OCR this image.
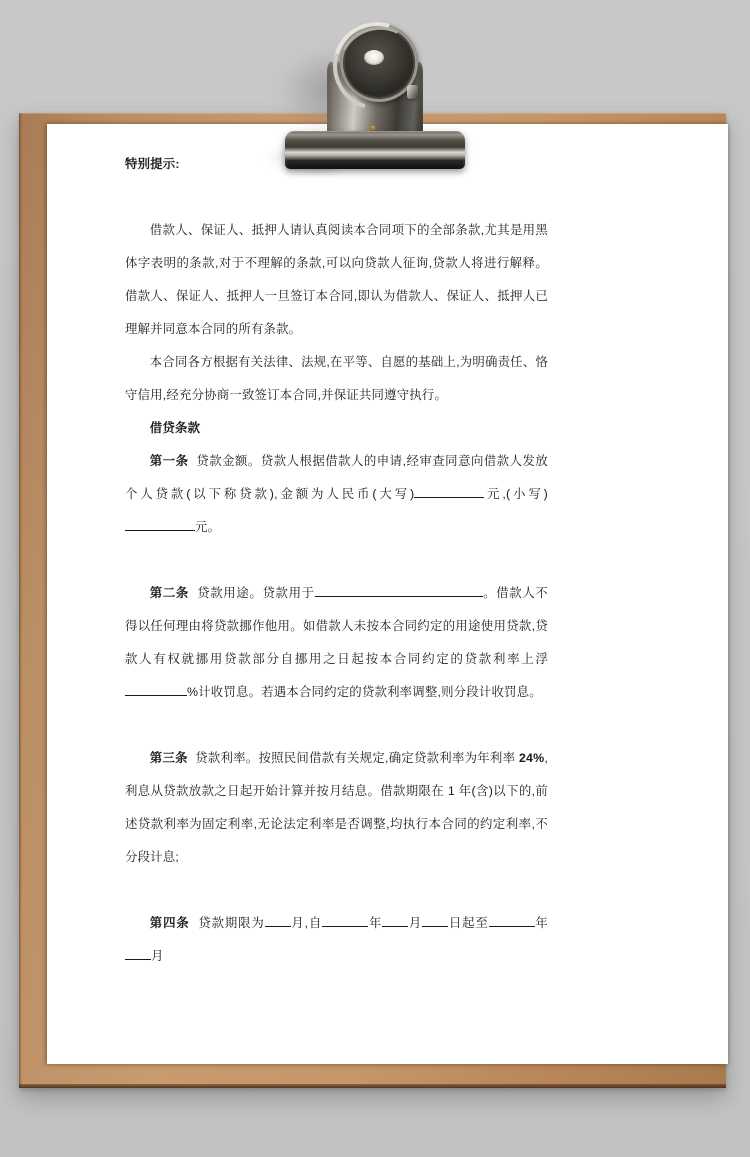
特别提示:

借款人、保证人、抵押人请认真阅读本合同项下的全部条款,尤其是用黑体字表明的条款,对于不理解的条款,可以向贷款人征询,贷款人将进行解释。借款人、保证人、抵押人一旦签订本合同,即认为借款人、保证人、抵押人已理解并同意本合同的所有条款。

本合同各方根据有关法律、法规,在平等、自愿的基础上,为明确责任、恪守信用,经充分协商一致签订本合同,并保证共同遵守执行。

借贷条款

第一条 贷款金额。贷款人根据借款人的申请,经审查同意向借款人发放个人贷款(以下称贷款),金额为人民币(大写)	元,(小写)元。

第二条 贷款用途。贷款用于	。借款人不得以任何理由将贷款挪作他用。如借款人未按本合同约定的用途使用贷款,贷款人有权就挪用贷款部分自挪用之日起按本合同约定的贷款利率上浮%计收罚息。若遇本合同约定的贷款利率调整,则分段计收罚息。

第三条 贷款利率。按照民间借款有关规定,确定贷款利率为年利率 24%,利息从贷款放款之日起开始计算并按月结息。借款期限在 1 年(含)以下的,前述贷款利率为固定利率,无论法定利率是否调整,均执行本合同的约定利率,不分段计息;

第四条 贷款期限为 月,自	年 月 日起至	年月
